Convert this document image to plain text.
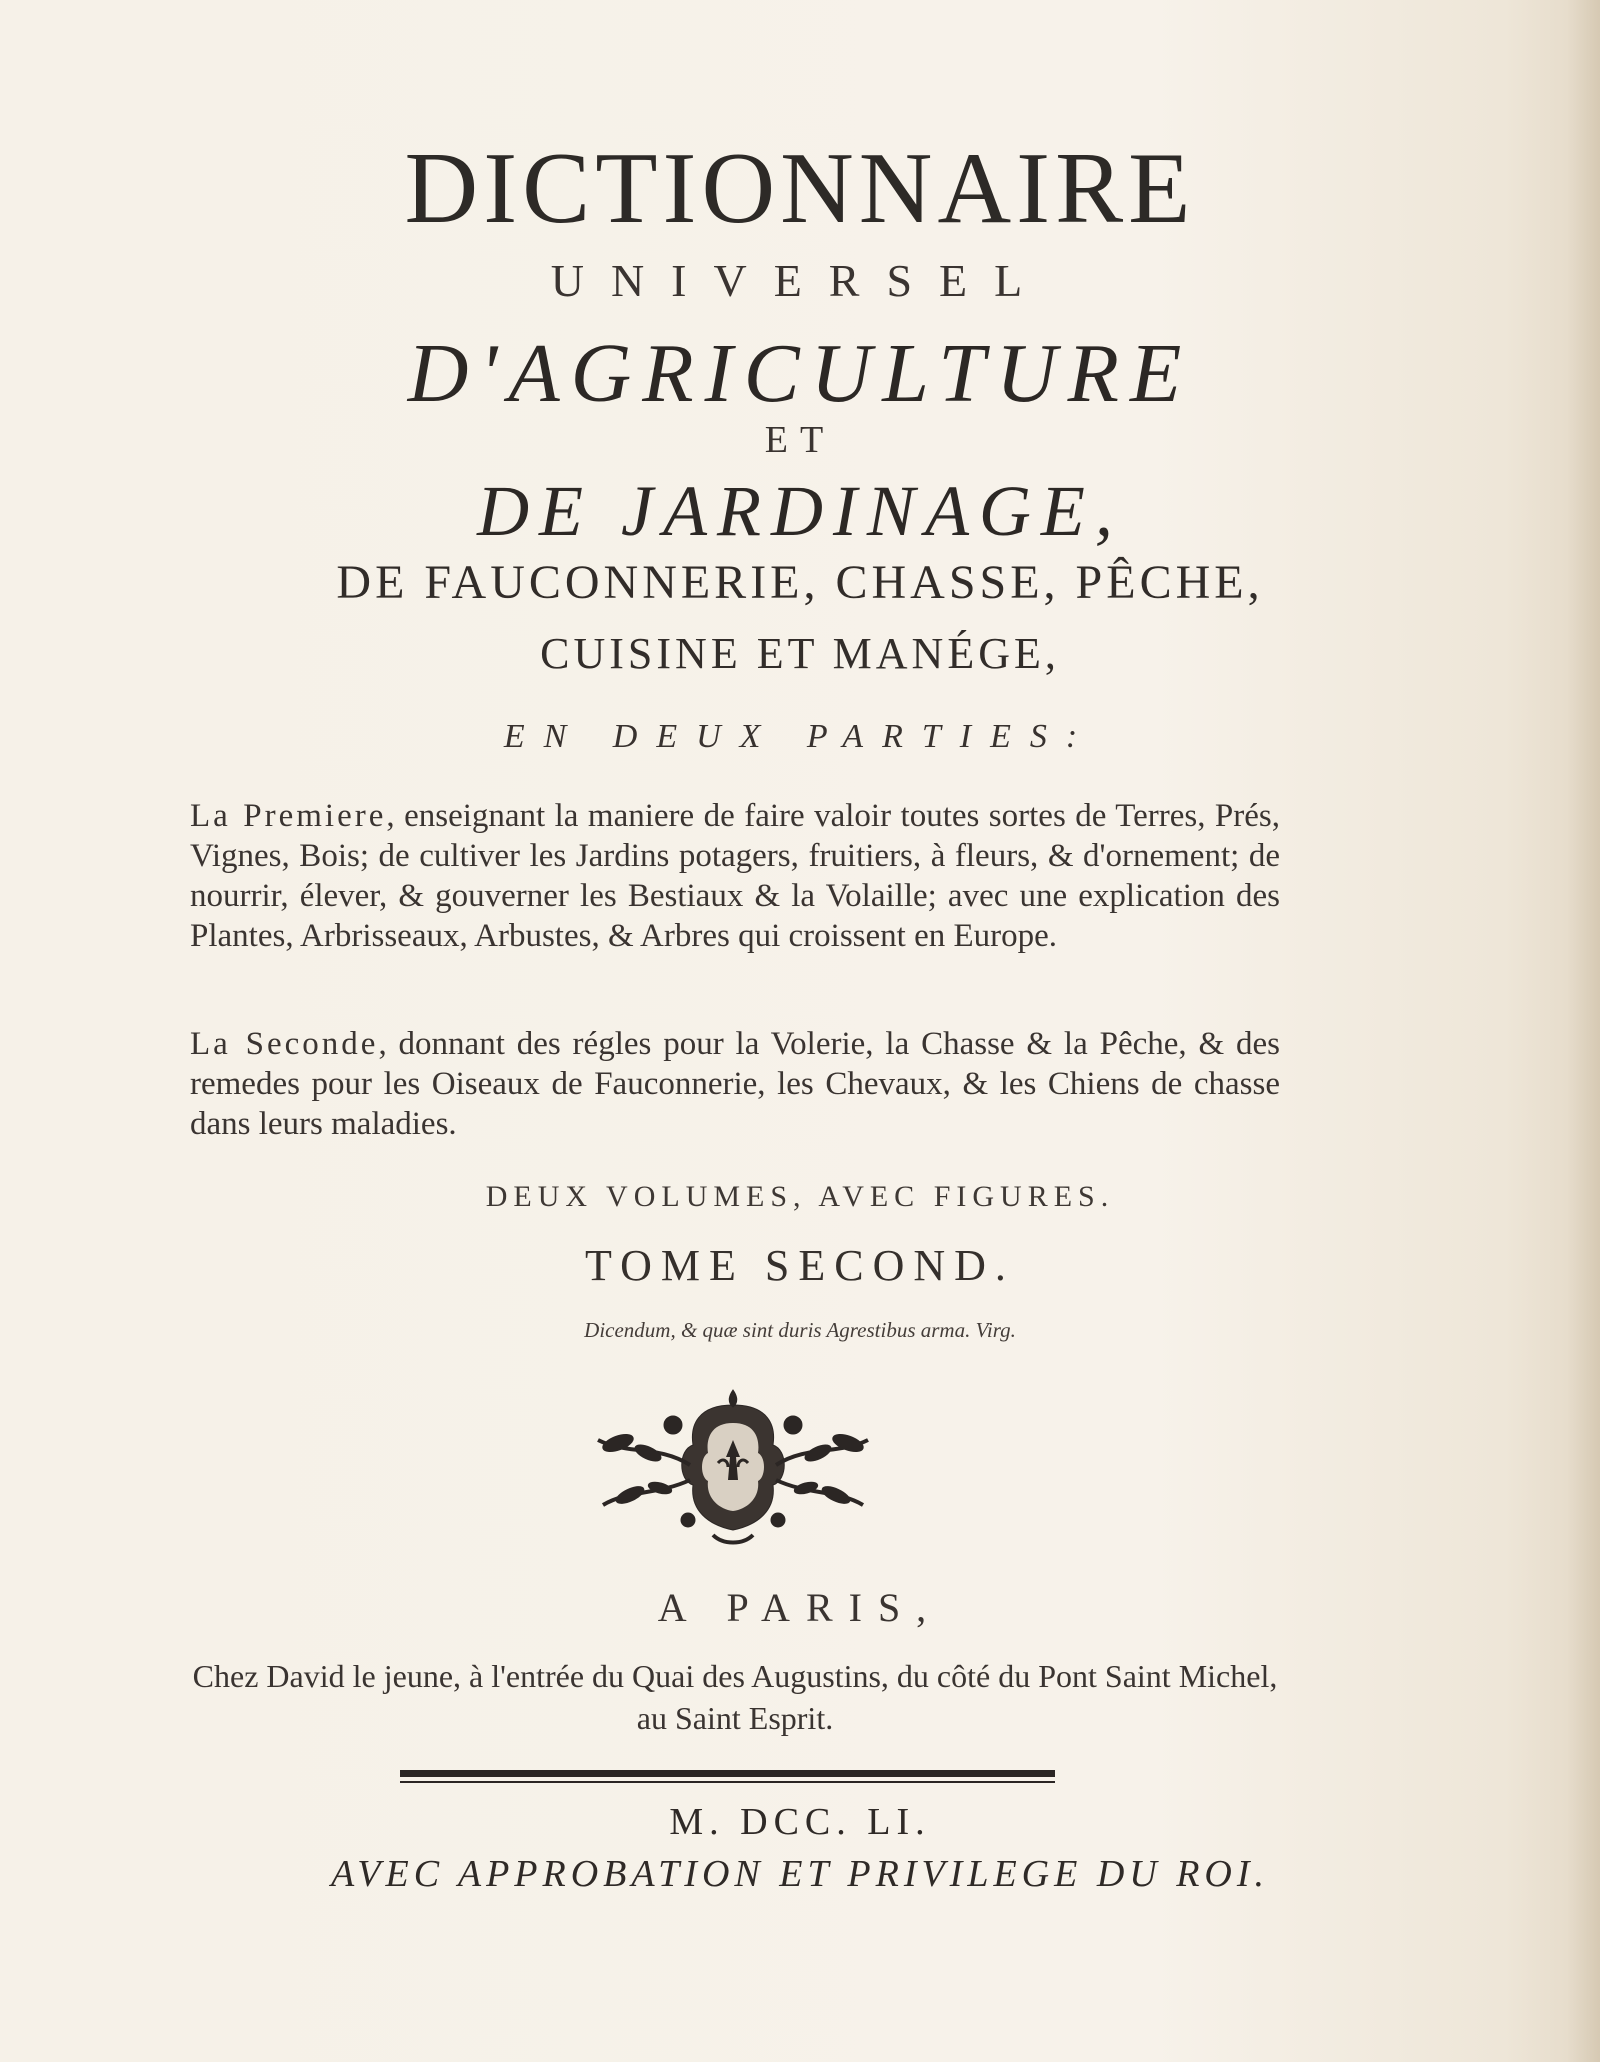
DICTIONNAIRE
UNIVERSEL
D'AGRICULTURE
ET
DE JARDINAGE,
DE FAUCONNERIE, CHASSE, PÊCHE,
CUISINE ET MANÉGE,
EN DEUX PARTIES:
La Premiere, enseignant la maniere de faire valoir toutes sortes de Terres, Prés, Vignes, Bois; de cultiver les Jardins potagers, fruitiers, à fleurs, & d'ornement; de nourrir, élever, & gouverner les Bestiaux & la Volaille; avec une explication des Plantes, Arbrisseaux, Arbustes, & Arbres qui croissent en Europe.
La Seconde, donnant des régles pour la Volerie, la Chasse & la Pêche, & des remedes pour les Oiseaux de Fauconnerie, les Chevaux, & les Chiens de chasse dans leurs maladies.
DEUX VOLUMES, AVEC FIGURES.
TOME SECOND.
Dicendum, & quæ sint duris Agrestibus arma. Virg.
A PARIS,
Chez David le jeune, à l'entrée du Quai des Augustins, du côté du Pont Saint Michel, au Saint Esprit.
M. DCC. LI.
AVEC APPROBATION ET PRIVILEGE DU ROI.
